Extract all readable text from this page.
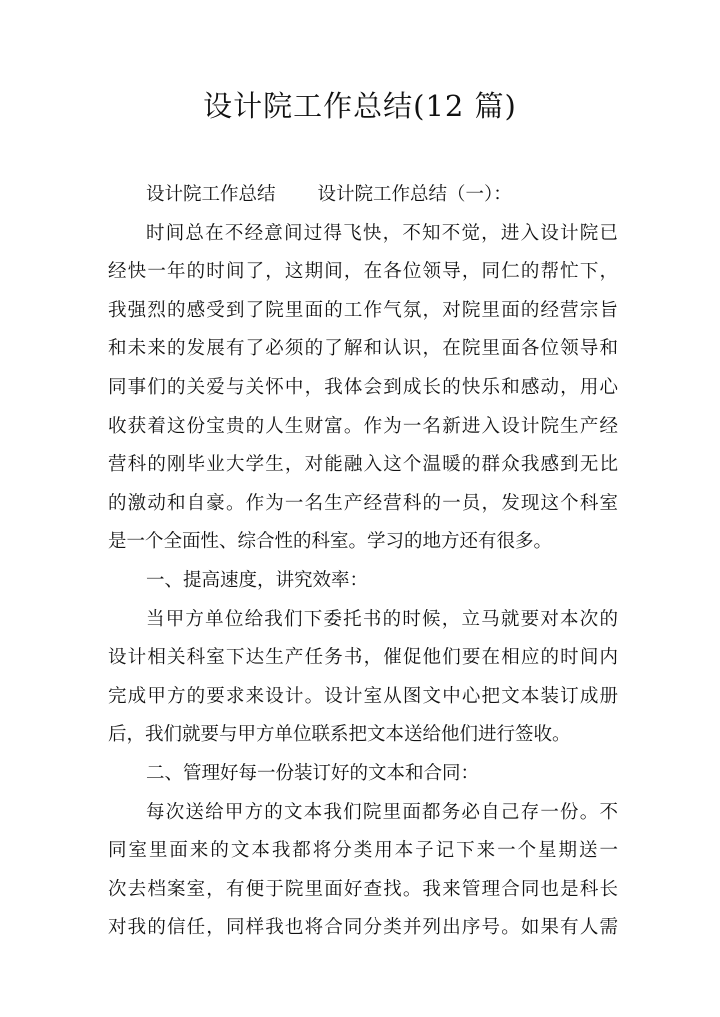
设计院工作总结(12 篇)
设计院工作总结 设计院工作总结（一）：
时间总在不经意间过得飞快，不知不觉，进入设计院已
经快一年的时间了，这期间，在各位领导，同仁的帮忙下，
我强烈的感受到了院里面的工作气氛，对院里面的经营宗旨
和未来的发展有了必须的了解和认识，在院里面各位领导和
同事们的关爱与关怀中，我体会到成长的快乐和感动，用心
收获着这份宝贵的人生财富。作为一名新进入设计院生产经
营科的刚毕业大学生，对能融入这个温暖的群众我感到无比
的激动和自豪。作为一名生产经营科的一员，发现这个科室
是一个全面性、综合性的科室。学习的地方还有很多。
一、提高速度，讲究效率：
当甲方单位给我们下委托书的时候，立马就要对本次的
设计相关科室下达生产任务书，催促他们要在相应的时间内
完成甲方的要求来设计。设计室从图文中心把文本装订成册
后，我们就要与甲方单位联系把文本送给他们进行签收。
二、管理好每一份装订好的文本和合同：
每次送给甲方的文本我们院里面都务必自己存一份。不
同室里面来的文本我都将分类用本子记下来一个星期送一
次去档案室，有便于院里面好查找。我来管理合同也是科长
对我的信任，同样我也将合同分类并列出序号。如果有人需
